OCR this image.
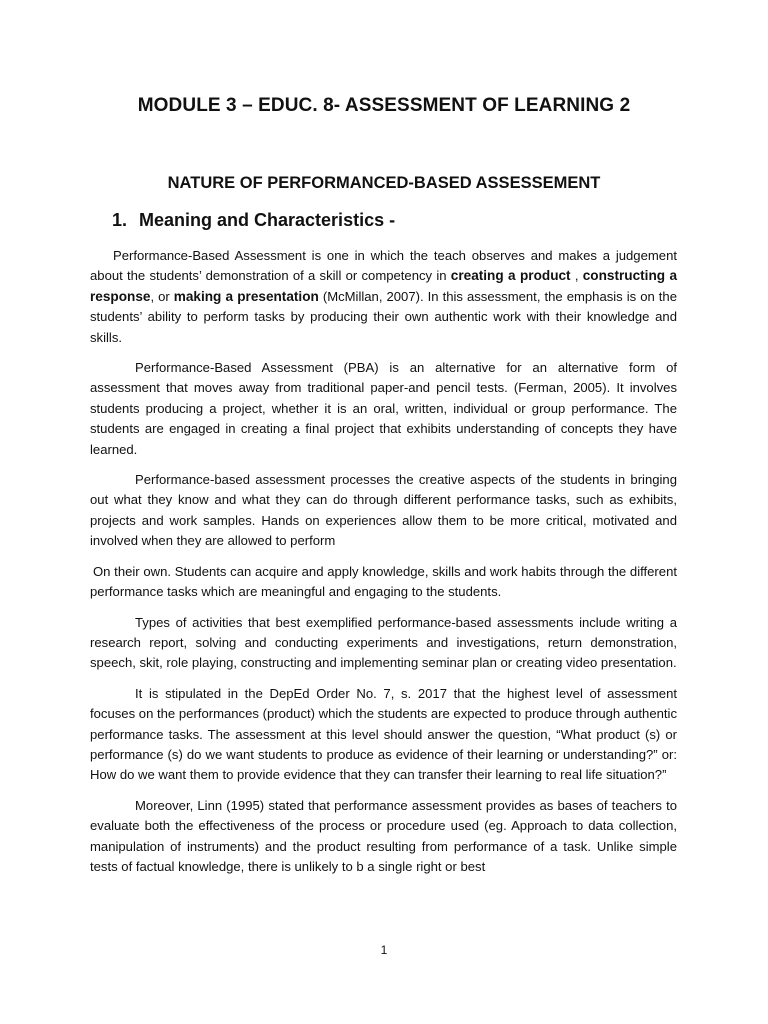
MODULE 3 – EDUC. 8- ASSESSMENT OF LEARNING 2
NATURE OF PERFORMANCED-BASED ASSESSEMENT
1. Meaning and Characteristics -

Performance-Based Assessment is one in which the teach observes and makes a judgement about the students’ demonstration of a skill or competency in creating a product , constructing a response, or making a presentation (McMillan, 2007). In this assessment, the emphasis is on the students’ ability to perform tasks by producing their own authentic work with their knowledge and skills.

Performance-Based Assessment (PBA) is an alternative for an alternative form of assessment that moves away from traditional paper-and pencil tests. (Ferman, 2005). It involves students producing a project, whether it is an oral, written, individual or group performance. The students are engaged in creating a final project that exhibits understanding of concepts they have learned.

Performance-based assessment processes the creative aspects of the students in bringing out what they know and what they can do through different performance tasks, such as exhibits, projects and work samples. Hands on experiences allow them to be more critical, motivated and involved when they are allowed to perform

On their own. Students can acquire and apply knowledge, skills and work habits through the different performance tasks which are meaningful and engaging to the students.

Types of activities that best exemplified performance-based assessments include writing a research report, solving and conducting experiments and investigations, return demonstration, speech, skit, role playing, constructing and implementing seminar plan or creating video presentation.

It is stipulated in the DepEd Order No. 7, s. 2017 that the highest level of assessment focuses on the performances (product) which the students are expected to produce through authentic performance tasks. The assessment at this level should answer the question, “What product (s) or performance (s) do we want students to produce as evidence of their learning or understanding?” or: How do we want them to provide evidence that they can transfer their learning to real life situation?”

Moreover, Linn (1995) stated that performance assessment provides as bases of teachers to evaluate both the effectiveness of the process or procedure used (eg. Approach to data collection, manipulation of instruments) and the product resulting from performance of a task. Unlike simple tests of factual knowledge, there is unlikely to b a single right or best

1
